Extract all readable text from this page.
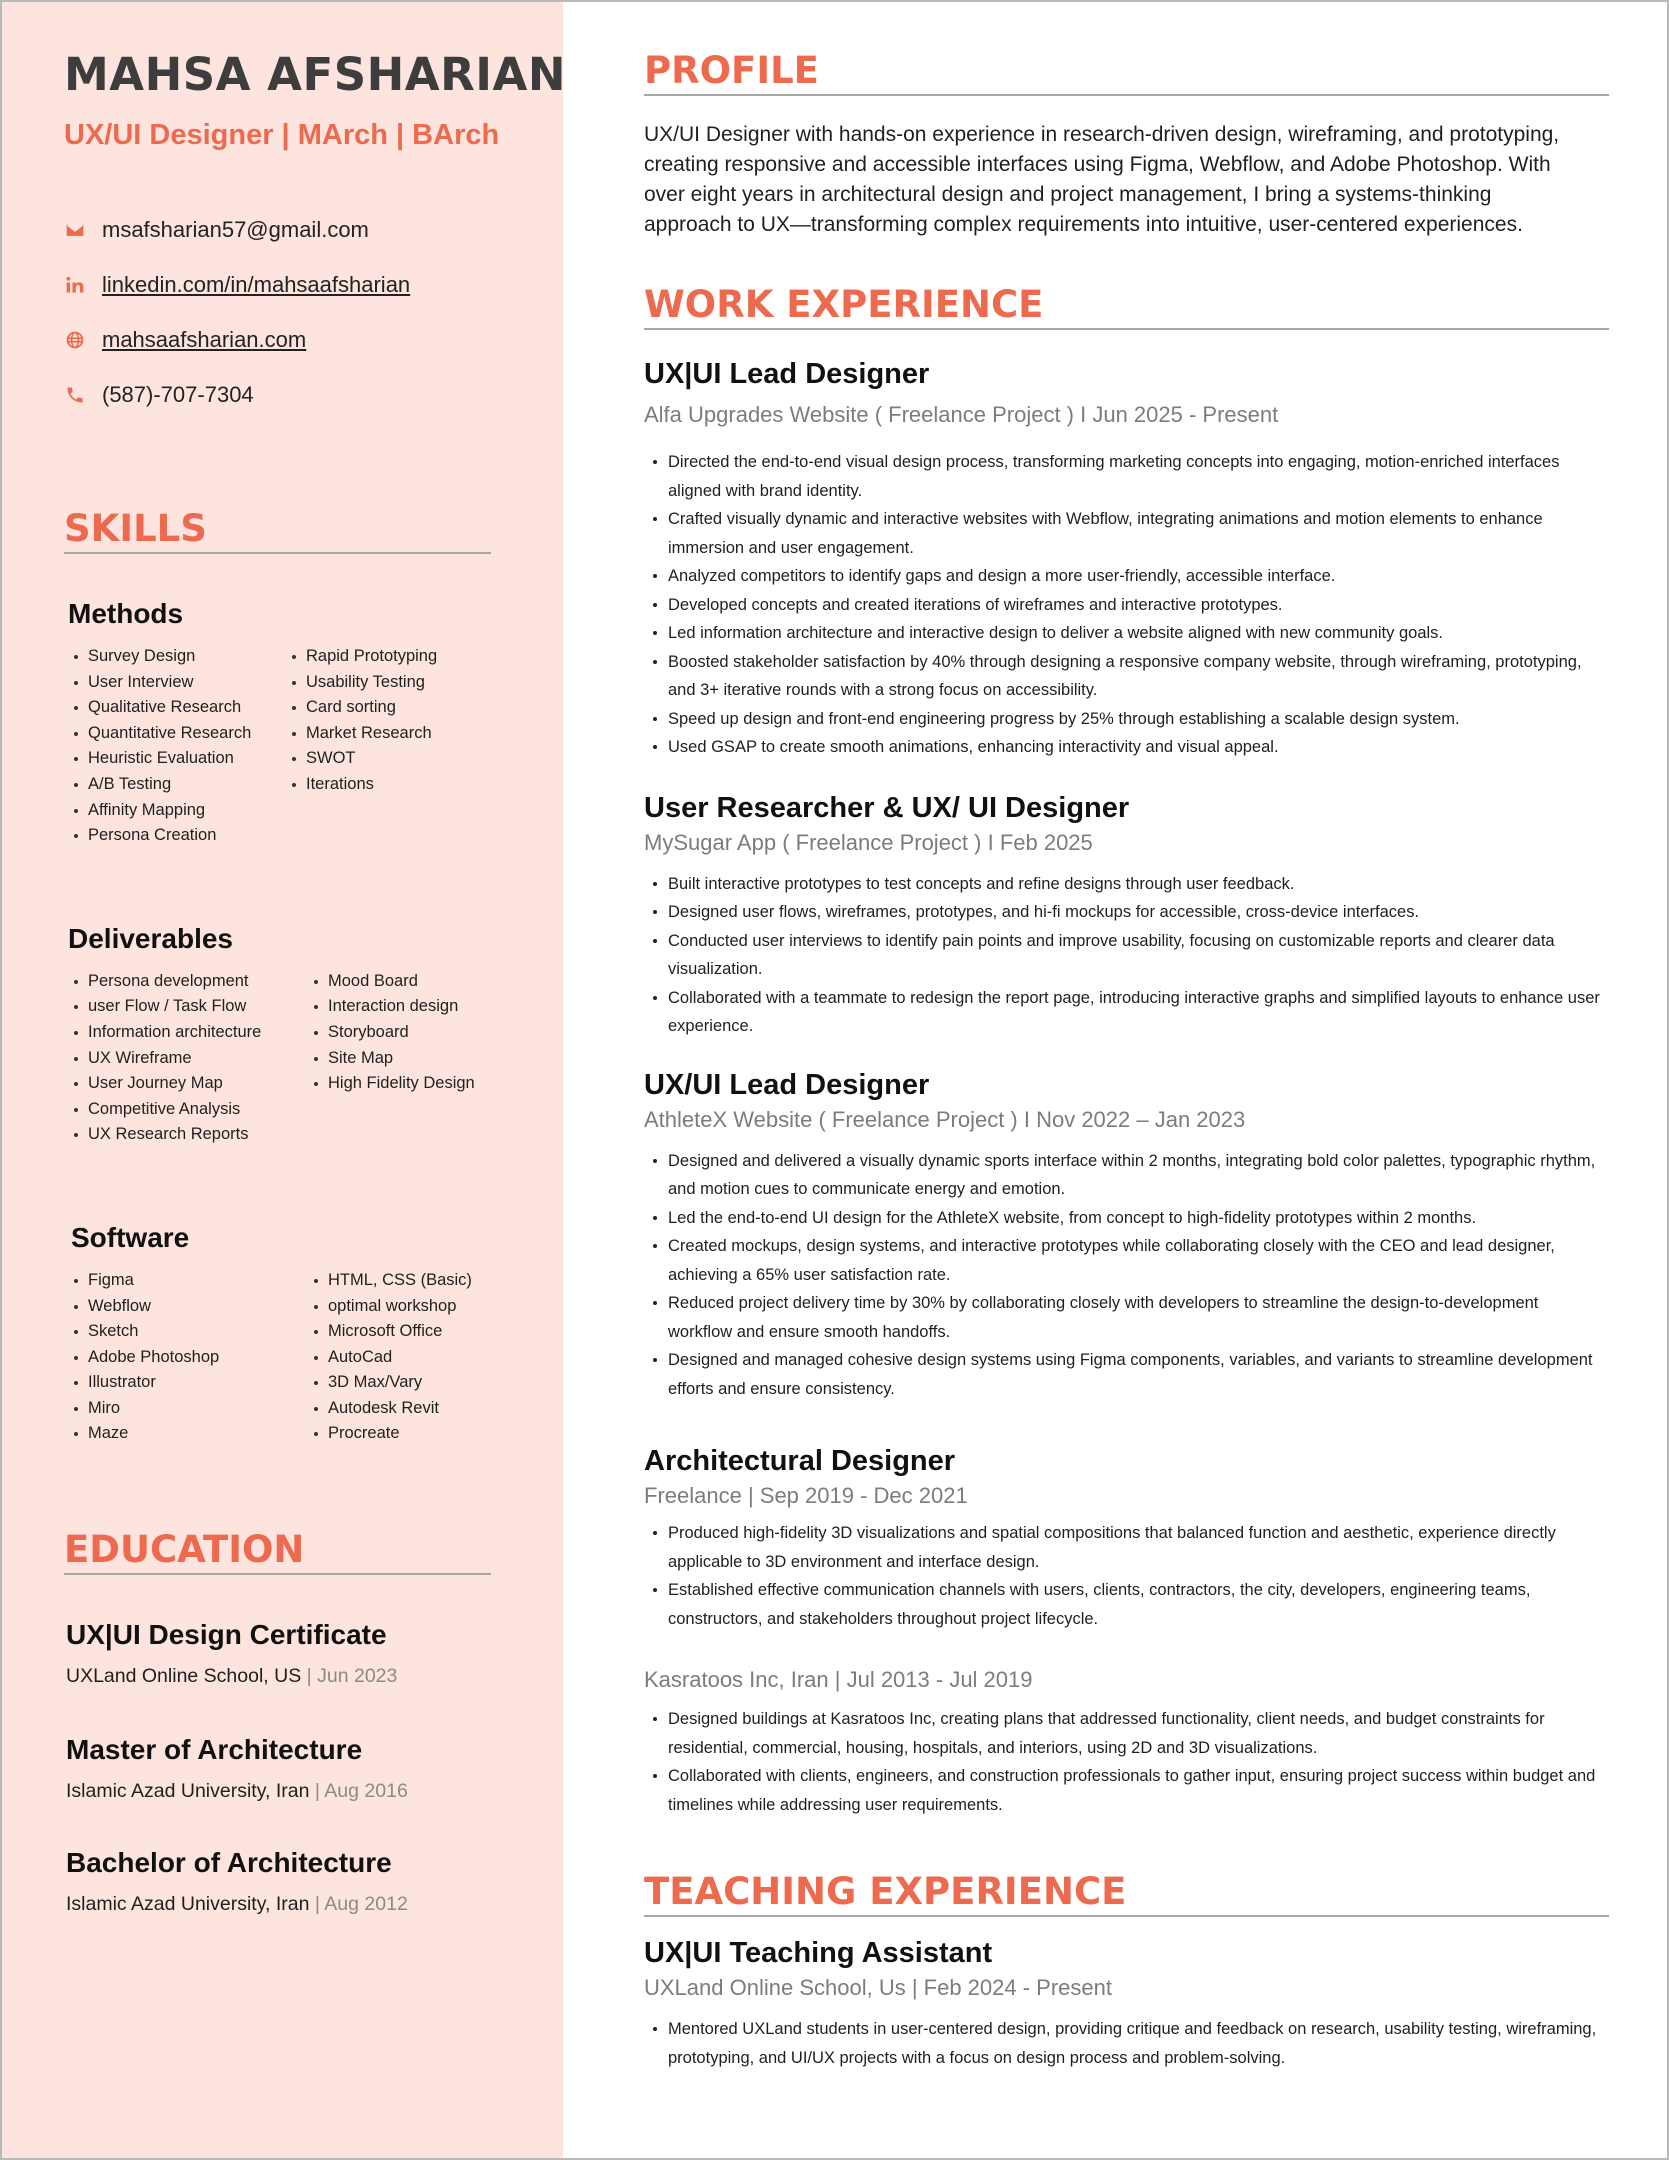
MAHSA AFSHARIAN
UX/UI Designer | MArch | BArch
msafsharian57@gmail.com
linkedin.com/in/mahsaafsharian
mahsaafsharian.com
(587)-707-7304
SKILLS
Methods
Survey Design
User Interview
Qualitative Research
Quantitative Research
Heuristic Evaluation
A/B Testing
Affinity Mapping
Persona Creation
Rapid Prototyping
Usability Testing
Card sorting
Market Research
SWOT
Iterations
Deliverables
Persona development
user Flow / Task Flow
Information architecture
UX Wireframe
User Journey Map
Competitive Analysis
UX Research Reports
Mood Board
Interaction design
Storyboard
Site Map
High Fidelity Design
Software
Figma
Webflow
Sketch
Adobe Photoshop
Illustrator
Miro
Maze
HTML, CSS (Basic)
optimal workshop
Microsoft Office
AutoCad
3D Max/Vary
Autodesk Revit
Procreate
EDUCATION
UX|UI Design Certificate
UXLand Online School, US | Jun 2023
Master of Architecture
Islamic Azad University, Iran | Aug 2016
Bachelor of Architecture
Islamic Azad University, Iran | Aug 2012
PROFILE

UX/UI Designer with hands-on experience in research-driven design, wireframing, and prototyping, creating responsive and accessible interfaces using Figma, Webflow, and Adobe Photoshop. With over eight years in architectural design and project management, I bring a systems-thinking approach to UX—transforming complex requirements into intuitive, user-centered experiences.

WORK EXPERIENCE
UX|UI Lead Designer
Alfa Upgrades Website ( Freelance Project ) I Jun 2025 - Present
Directed the end-to-end visual design process, transforming marketing concepts into engaging, motion-enriched interfaces aligned with brand identity.
Crafted visually dynamic and interactive websites with Webflow, integrating animations and motion elements to enhance immersion and user engagement.
Analyzed competitors to identify gaps and design a more user-friendly, accessible interface.
Developed concepts and created iterations of wireframes and interactive prototypes.
Led information architecture and interactive design to deliver a website aligned with new community goals.
Boosted stakeholder satisfaction by 40% through designing a responsive company website, through wireframing, prototyping, and 3+ iterative rounds with a strong focus on accessibility.
Speed up design and front-end engineering progress by 25% through establishing a scalable design system.
Used GSAP to create smooth animations, enhancing interactivity and visual appeal.
User Researcher & UX/ UI Designer
MySugar App ( Freelance Project ) I Feb 2025
Built interactive prototypes to test concepts and refine designs through user feedback.
Designed user flows, wireframes, prototypes, and hi-fi mockups for accessible, cross-device interfaces.
Conducted user interviews to identify pain points and improve usability, focusing on customizable reports and clearer data visualization.
Collaborated with a teammate to redesign the report page, introducing interactive graphs and simplified layouts to enhance user experience.
UX/UI Lead Designer
AthleteX Website ( Freelance Project ) I Nov 2022 – Jan 2023
Designed and delivered a visually dynamic sports interface within 2 months, integrating bold color palettes, typographic rhythm, and motion cues to communicate energy and emotion.
Led the end-to-end UI design for the AthleteX website, from concept to high-fidelity prototypes within 2 months.
Created mockups, design systems, and interactive prototypes while collaborating closely with the CEO and lead designer, achieving a 65% user satisfaction rate.
Reduced project delivery time by 30% by collaborating closely with developers to streamline the design-to-development workflow and ensure smooth handoffs.
Designed and managed cohesive design systems using Figma components, variables, and variants to streamline development efforts and ensure consistency.
Architectural Designer
Freelance | Sep 2019 - Dec 2021
Produced high-fidelity 3D visualizations and spatial compositions that balanced function and aesthetic, experience directly applicable to 3D environment and interface design.
Established effective communication channels with users, clients, contractors, the city, developers, engineering teams, constructors, and stakeholders throughout project lifecycle.
Kasratoos Inc, Iran | Jul 2013 - Jul 2019
Designed buildings at Kasratoos Inc, creating plans that addressed functionality, client needs, and budget constraints for residential, commercial, housing, hospitals, and interiors, using 2D and 3D visualizations.
Collaborated with clients, engineers, and construction professionals to gather input, ensuring project success within budget and timelines while addressing user requirements.
TEACHING EXPERIENCE
UX|UI Teaching Assistant
UXLand Online School, Us | Feb 2024 - Present
Mentored UXLand students in user-centered design, providing critique and feedback on research, usability testing, wireframing, prototyping, and UI/UX projects with a focus on design process and problem-solving.
